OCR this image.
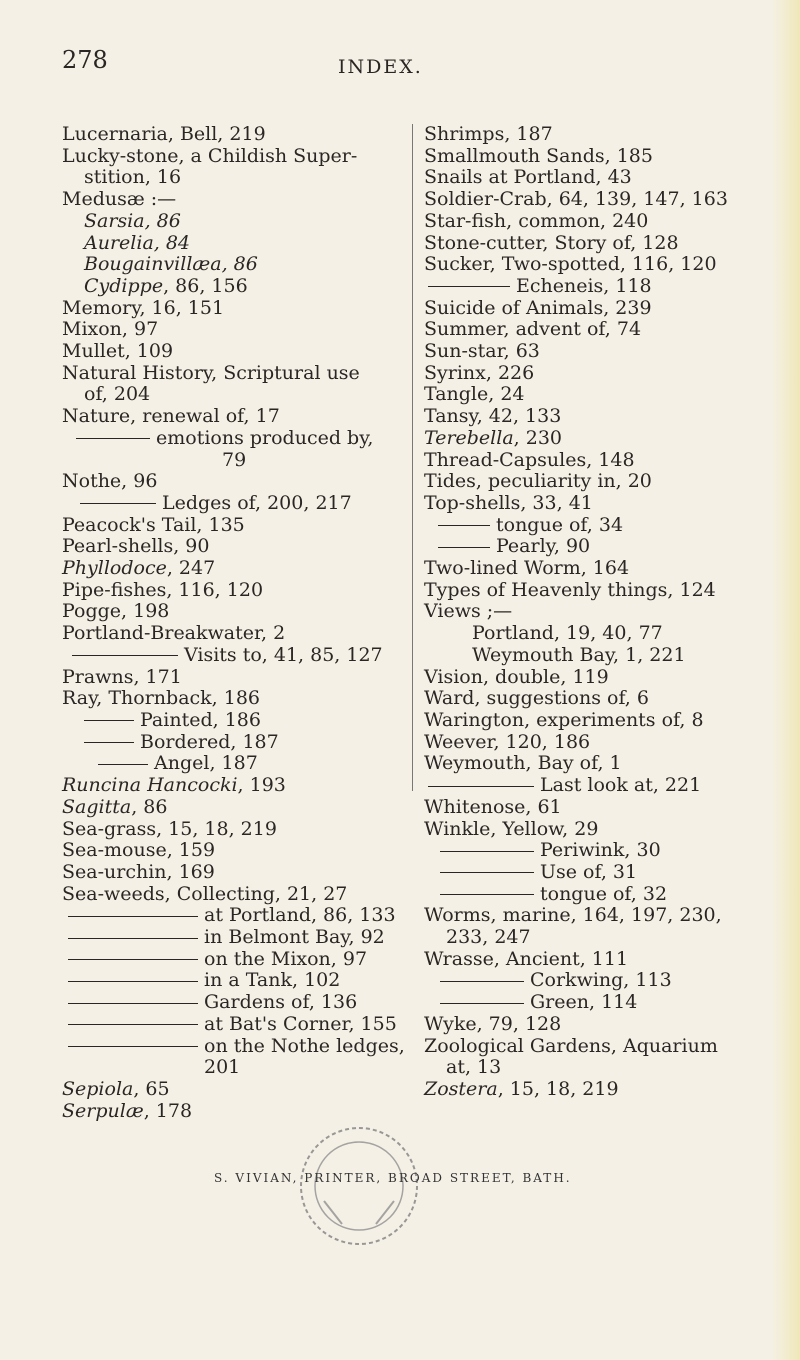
278	INDEX.
Lucernaria, Bell, 219
Lucky-stone, a Childish Super-
stition, 16
Medusæ :—
Sarsia, 86
Aurelia, 84
Bougainvillæa, 86
Cydippe, 86, 156
Memory, 16, 151
Mixon, 97
Mullet, 109
Natural History, Scriptural use
of, 204
Nature, renewal of, 17
emotions produced by,
79
Nothe, 96
Ledges of, 200, 217
Peacock's Tail, 135
Pearl-shells, 90
Phyllodoce, 247
Pipe-fishes, 116, 120
Pogge, 198
Portland-Breakwater, 2
Visits to, 41, 85, 127
Prawns, 171
Ray, Thornback, 186
Painted, 186
Bordered, 187
Angel, 187
Runcina Hancocki, 193
Sagitta, 86
Sea-grass, 15, 18, 219
Sea-mouse, 159
Sea-urchin, 169
Sea-weeds, Collecting, 21, 27
at Portland, 86, 133
in Belmont Bay, 92
on the Mixon, 97
in a Tank, 102
Gardens of, 136
at Bat's Corner, 155
on the Nothe ledges,
201
Sepiola, 65
Serpulæ, 178
Shrimps, 187
Smallmouth Sands, 185
Snails at Portland, 43
Soldier-Crab, 64, 139, 147, 163
Star-fish, common, 240
Stone-cutter, Story of, 128
Sucker, Two-spotted, 116, 120
Echeneis, 118
Suicide of Animals, 239
Summer, advent of, 74
Sun-star, 63
Syrinx, 226
Tangle, 24
Tansy, 42, 133
Terebella, 230
Thread-Capsules, 148
Tides, peculiarity in, 20
Top-shells, 33, 41
tongue of, 34
Pearly, 90
Two-lined Worm, 164
Types of Heavenly things, 124
Views ;—
Portland, 19, 40, 77
Weymouth Bay, 1, 221
Vision, double, 119
Ward, suggestions of, 6
Warington, experiments of, 8
Weever, 120, 186
Weymouth, Bay of, 1
Last look at, 221
Whitenose, 61
Winkle, Yellow, 29
Periwink, 30
Use of, 31
tongue of, 32
Worms, marine, 164, 197, 230,
233, 247
Wrasse, Ancient, 111
Corkwing, 113
Green, 114
Wyke, 79, 128
Zoological Gardens, Aquarium
at, 13
Zostera, 15, 18, 219
S. VIVIAN, PRINTER, BROAD STREET, BATH.
